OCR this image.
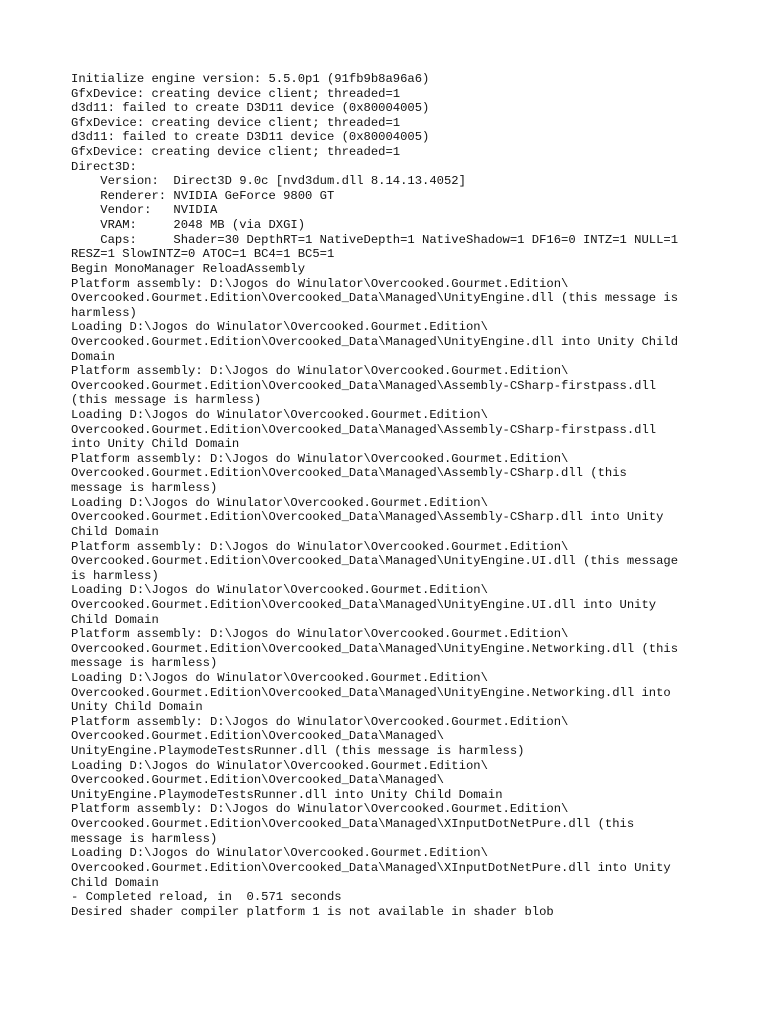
Initialize engine version: 5.5.0p1 (91fb9b8a96a6)
GfxDevice: creating device client; threaded=1
d3d11: failed to create D3D11 device (0x80004005)
GfxDevice: creating device client; threaded=1
d3d11: failed to create D3D11 device (0x80004005)
GfxDevice: creating device client; threaded=1
Direct3D:
Version:  Direct3D 9.0c [nvd3dum.dll 8.14.13.4052]
Renderer: NVIDIA GeForce 9800 GT
Vendor:   NVIDIA
VRAM:     2048 MB (via DXGI)
Caps:     Shader=30 DepthRT=1 NativeDepth=1 NativeShadow=1 DF16=0 INTZ=1 NULL=1
RESZ=1 SlowINTZ=0 ATOC=1 BC4=1 BC5=1
Begin MonoManager ReloadAssembly
Platform assembly: D:\Jogos do Winulator\Overcooked.Gourmet.Edition\
Overcooked.Gourmet.Edition\Overcooked_Data\Managed\UnityEngine.dll (this message is
harmless)
Loading D:\Jogos do Winulator\Overcooked.Gourmet.Edition\
Overcooked.Gourmet.Edition\Overcooked_Data\Managed\UnityEngine.dll into Unity Child
Domain
Platform assembly: D:\Jogos do Winulator\Overcooked.Gourmet.Edition\
Overcooked.Gourmet.Edition\Overcooked_Data\Managed\Assembly-CSharp-firstpass.dll
(this message is harmless)
Loading D:\Jogos do Winulator\Overcooked.Gourmet.Edition\
Overcooked.Gourmet.Edition\Overcooked_Data\Managed\Assembly-CSharp-firstpass.dll
into Unity Child Domain
Platform assembly: D:\Jogos do Winulator\Overcooked.Gourmet.Edition\
Overcooked.Gourmet.Edition\Overcooked_Data\Managed\Assembly-CSharp.dll (this
message is harmless)
Loading D:\Jogos do Winulator\Overcooked.Gourmet.Edition\
Overcooked.Gourmet.Edition\Overcooked_Data\Managed\Assembly-CSharp.dll into Unity
Child Domain
Platform assembly: D:\Jogos do Winulator\Overcooked.Gourmet.Edition\
Overcooked.Gourmet.Edition\Overcooked_Data\Managed\UnityEngine.UI.dll (this message
is harmless)
Loading D:\Jogos do Winulator\Overcooked.Gourmet.Edition\
Overcooked.Gourmet.Edition\Overcooked_Data\Managed\UnityEngine.UI.dll into Unity
Child Domain
Platform assembly: D:\Jogos do Winulator\Overcooked.Gourmet.Edition\
Overcooked.Gourmet.Edition\Overcooked_Data\Managed\UnityEngine.Networking.dll (this
message is harmless)
Loading D:\Jogos do Winulator\Overcooked.Gourmet.Edition\
Overcooked.Gourmet.Edition\Overcooked_Data\Managed\UnityEngine.Networking.dll into
Unity Child Domain
Platform assembly: D:\Jogos do Winulator\Overcooked.Gourmet.Edition\
Overcooked.Gourmet.Edition\Overcooked_Data\Managed\
UnityEngine.PlaymodeTestsRunner.dll (this message is harmless)
Loading D:\Jogos do Winulator\Overcooked.Gourmet.Edition\
Overcooked.Gourmet.Edition\Overcooked_Data\Managed\
UnityEngine.PlaymodeTestsRunner.dll into Unity Child Domain
Platform assembly: D:\Jogos do Winulator\Overcooked.Gourmet.Edition\
Overcooked.Gourmet.Edition\Overcooked_Data\Managed\XInputDotNetPure.dll (this
message is harmless)
Loading D:\Jogos do Winulator\Overcooked.Gourmet.Edition\
Overcooked.Gourmet.Edition\Overcooked_Data\Managed\XInputDotNetPure.dll into Unity
Child Domain
- Completed reload, in  0.571 seconds
Desired shader compiler platform 1 is not available in shader blob
